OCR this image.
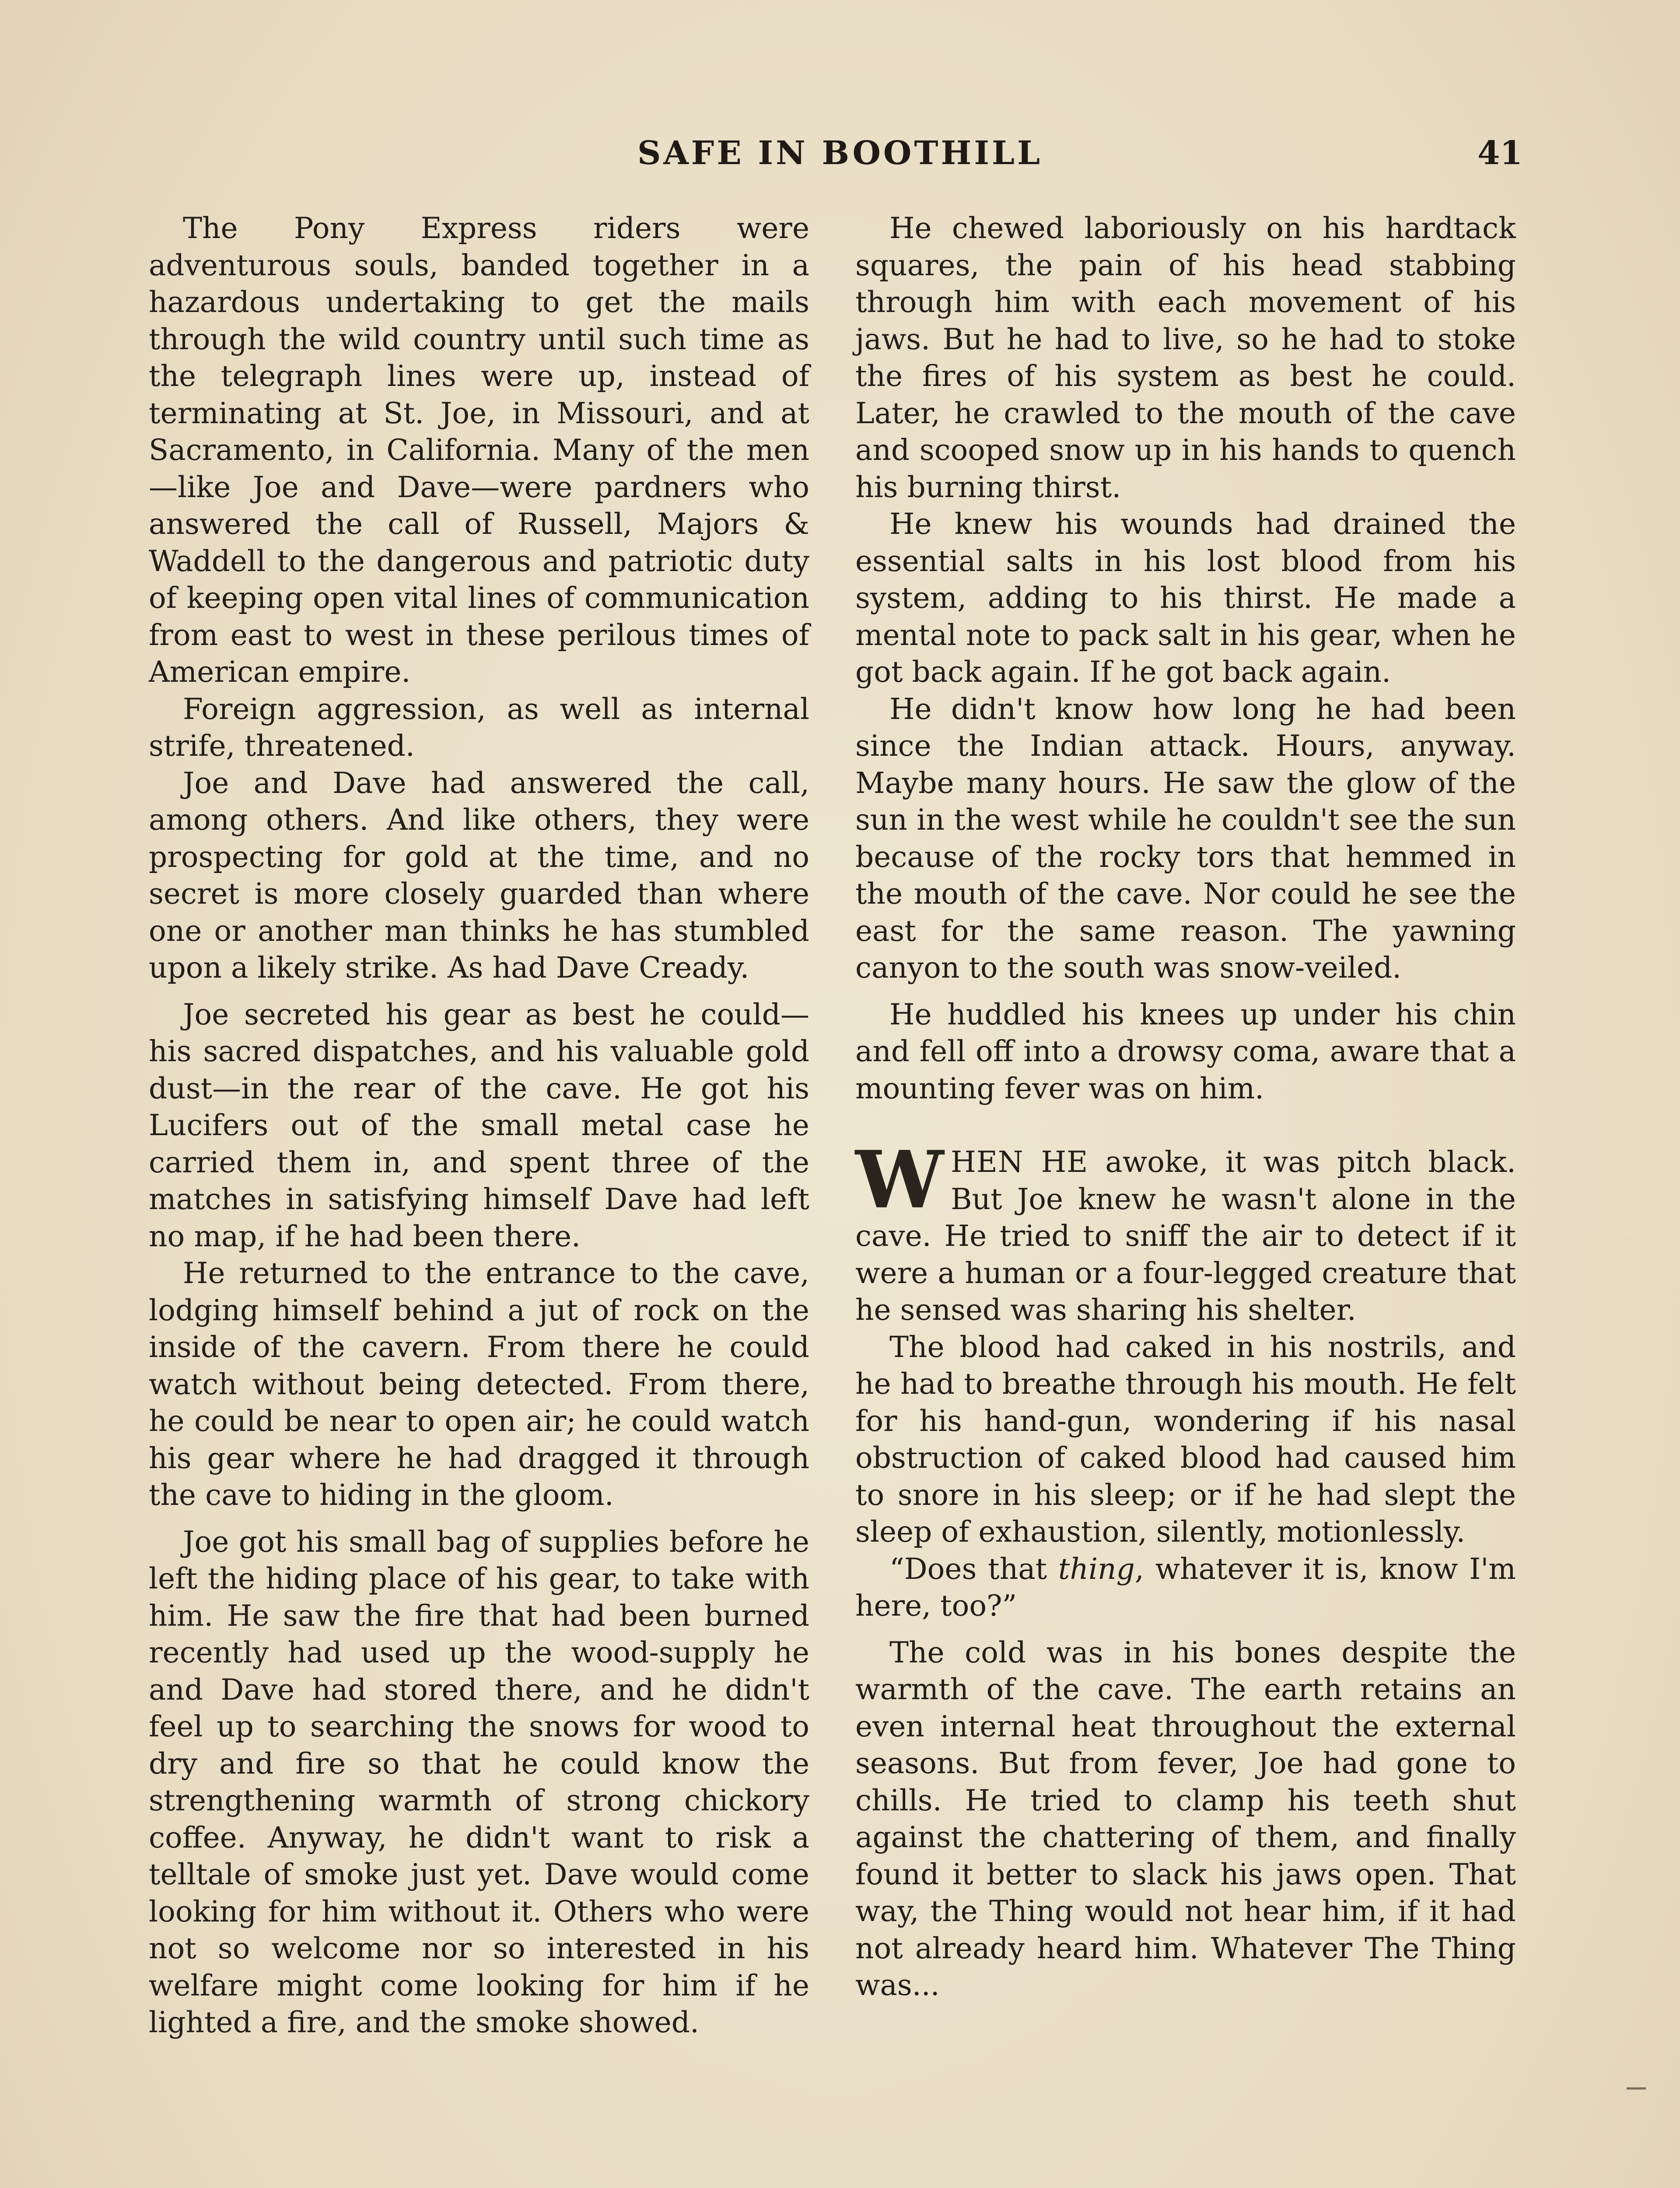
SAFE IN BOOTHILL	41

The Pony Express riders were adventurous souls, banded together in a hazardous undertaking to get the mails through the wild country until such time as the telegraph lines were up, instead of terminating at St. Joe, in Missouri, and at Sacramento, in California. Many of the men—like Joe and Dave—were pardners who answered the call of Russell, Majors & Waddell to the dangerous and patriotic duty of keeping open vital lines of communication from east to west in these perilous times of American empire.

Foreign aggression, as well as internal strife, threatened.

Joe and Dave had answered the call, among others. And like others, they were prospecting for gold at the time, and no secret is more closely guarded than where one or another man thinks he has stumbled upon a likely strike. As had Dave Cready.

Joe secreted his gear as best he could—his sacred dispatches, and his valuable gold dust—in the rear of the cave. He got his Lucifers out of the small metal case he carried them in, and spent three of the matches in satisfying himself Dave had left no map, if he had been there.

He returned to the entrance to the cave, lodging himself behind a jut of rock on the inside of the cavern. From there he could watch without being detected. From there, he could be near to open air; he could watch his gear where he had dragged it through the cave to hiding in the gloom.

Joe got his small bag of supplies before he left the hiding place of his gear, to take with him. He saw the fire that had been burned recently had used up the wood-supply he and Dave had stored there, and he didn't feel up to searching the snows for wood to dry and fire so that he could know the strengthening warmth of strong chickory coffee. Anyway, he didn't want to risk a telltale of smoke just yet. Dave would come looking for him without it. Others who were not so welcome nor so interested in his welfare might come looking for him if he lighted a fire, and the smoke showed.

He chewed laboriously on his hardtack squares, the pain of his head stabbing through him with each movement of his jaws. But he had to live, so he had to stoke the fires of his system as best he could. Later, he crawled to the mouth of the cave and scooped snow up in his hands to quench his burning thirst.

He knew his wounds had drained the essential salts in his lost blood from his system, adding to his thirst. He made a mental note to pack salt in his gear, when he got back again. If he got back again.

He didn't know how long he had been since the Indian attack. Hours, anyway. Maybe many hours. He saw the glow of the sun in the west while he couldn't see the sun because of the rocky tors that hemmed in the mouth of the cave. Nor could he see the east for the same reason. The yawning canyon to the south was snow-veiled.

He huddled his knees up under his chin and fell off into a drowsy coma, aware that a mounting fever was on him.

WHEN HE awoke, it was pitch black. But Joe knew he wasn't alone in the cave. He tried to sniff the air to detect if it were a human or a four-legged creature that he sensed was sharing his shelter.

The blood had caked in his nostrils, and he had to breathe through his mouth. He felt for his hand-gun, wondering if his nasal obstruction of caked blood had caused him to snore in his sleep; or if he had slept the sleep of exhaustion, silently, motionlessly.

“Does that thing, whatever it is, know I'm here, too?”

The cold was in his bones despite the warmth of the cave. The earth retains an even internal heat throughout the external seasons. But from fever, Joe had gone to chills. He tried to clamp his teeth shut against the chattering of them, and finally found it better to slack his jaws open. That way, the Thing would not hear him, if it had not already heard him. Whatever The Thing was...
